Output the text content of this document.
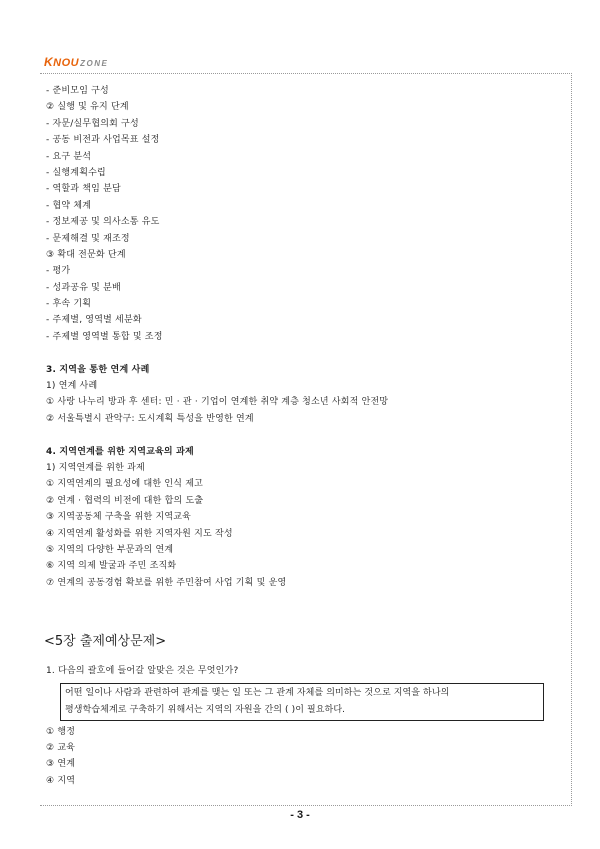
K NOU ZONE
- 준비모임 구성
② 실행 및 유지 단계
- 자문/실무협의회 구성
- 공동 비전과 사업목표 설정
- 요구 분석
- 실행계획수립
- 역할과 책임 분담
- 협약 체계
- 정보제공 및 의사소통 유도
- 문제해결 및 재조정
③ 확대 전문화 단계
- 평가
- 성과공유 및 분배
- 후속 기획
- 주제별, 영역별 세분화
- 주제별 영역별 통합 및 조정
3. 지역을 통한 연계 사례
1) 연계 사례
① 사랑 나누리 방과 후 센터: 민 · 관 · 기업이 연계한 취약 계층 청소년 사회적 안전망
② 서울특별시 관악구: 도시계획 특성을 반영한 연계
4. 지역연계를 위한 지역교육의 과제
1) 지역연계를 위한 과제
① 지역연계의 필요성에 대한 인식 제고
② 연계 · 협력의 비전에 대한 합의 도출
③ 지역공동체 구축을 위한 지역교육
④ 지역연계 활성화를 위한 지역자원 지도 작성
⑤ 지역의 다양한 부문과의 연계
⑥ 지역 의제 발굴과 주민 조직화
⑦ 연계의 공동경험 확보를 위한 주민참여 사업 기획 및 운영
<5장 출제예상문제>
1. 다음의 괄호에 들어갈 알맞은 것은 무엇인가?
어떤 일이나 사람과 관련하여 관계를 맺는 일 또는 그 관계 자체를 의미하는 것으로 지역을 하나의
평생학습체계로 구축하기 위해서는 지역의 자원을 간의 ( )이 필요하다.
① 행정
② 교육
③ 연계
④ 지역
- 3 -
